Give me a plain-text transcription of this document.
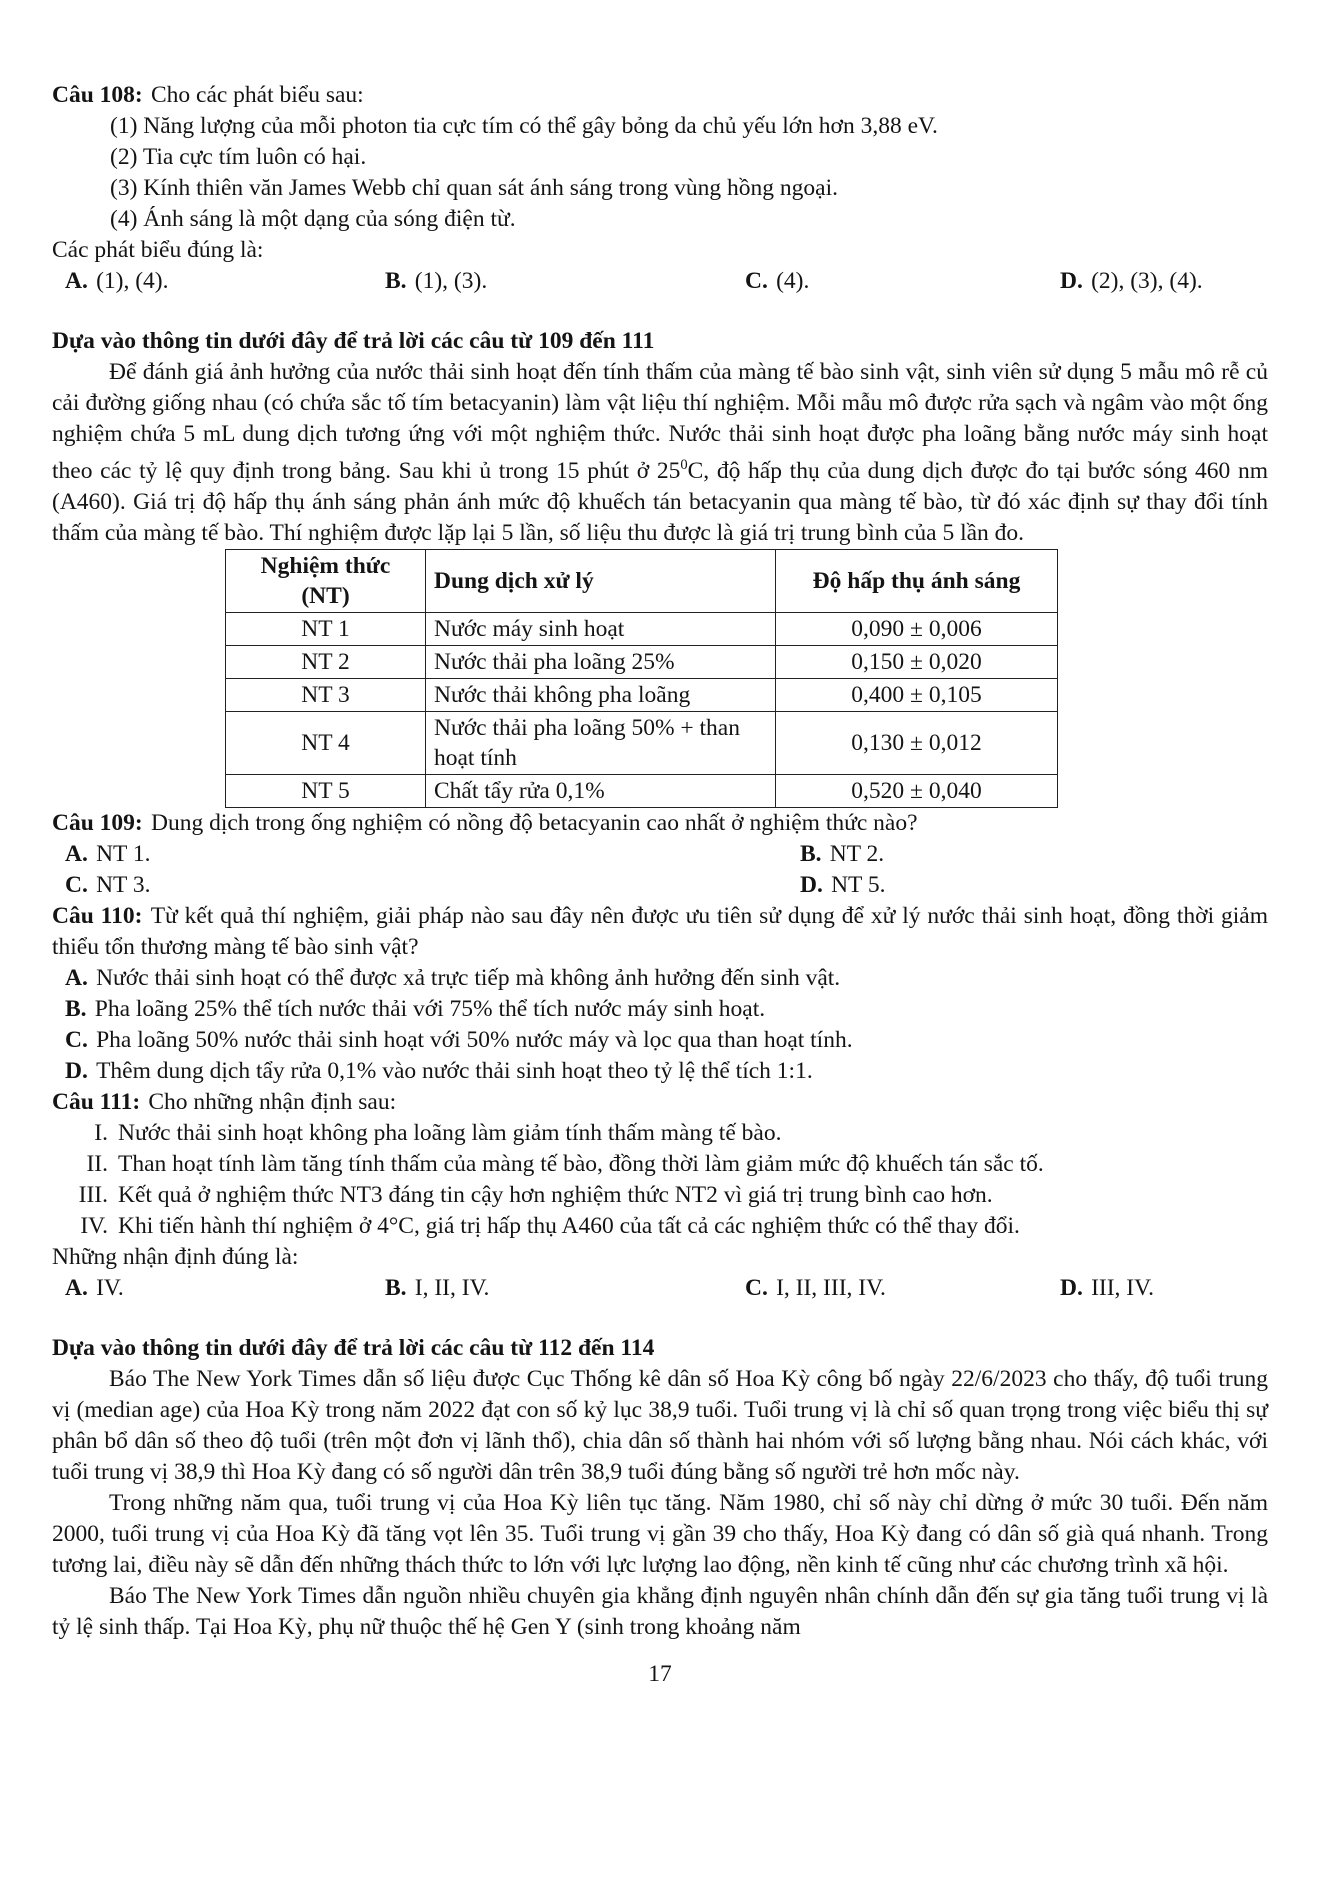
Câu 108: Cho các phát biểu sau:
(1) Năng lượng của mỗi photon tia cực tím có thể gây bỏng da chủ yếu lớn hơn 3,88 eV.
(2) Tia cực tím luôn có hại.
(3) Kính thiên văn James Webb chỉ quan sát ánh sáng trong vùng hồng ngoại.
(4) Ánh sáng là một dạng của sóng điện từ.
Các phát biểu đúng là:
A. (1), (4).	B. (1), (3).	C. (4).	D. (2), (3), (4).
Dựa vào thông tin dưới đây để trả lời các câu từ 109 đến 111
Để đánh giá ảnh hưởng của nước thải sinh hoạt đến tính thấm của màng tế bào sinh vật, sinh viên sử dụng 5 mẫu mô rễ củ cải đường giống nhau (có chứa sắc tố tím betacyanin) làm vật liệu thí nghiệm. Mỗi mẫu mô được rửa sạch và ngâm vào một ống nghiệm chứa 5 mL dung dịch tương ứng với một nghiệm thức. Nước thải sinh hoạt được pha loãng bằng nước máy sinh hoạt theo các tỷ lệ quy định trong bảng. Sau khi ủ trong 15 phút ở $25^0C$, độ hấp thụ của dung dịch được đo tại bước sóng 460 nm (A460). Giá trị độ hấp thụ ánh sáng phản ánh mức độ khuếch tán betacyanin qua màng tế bào, từ đó xác định sự thay đổi tính thấm của màng tế bào. Thí nghiệm được lặp lại 5 lần, số liệu thu được là giá trị trung bình của 5 lần đo.
Nghiệm thức (NT)	Dung dịch xử lý	Độ hấp thụ ánh sáng
NT 1	Nước máy sinh hoạt	0,090 ± 0,006
NT 2	Nước thải pha loãng 25%	0,150 ± 0,020
NT 3	Nước thải không pha loãng	0,400 ± 0,105
NT 4	Nước thải pha loãng 50% + than hoạt tính	0,130 ± 0,012
NT 5	Chất tẩy rửa 0,1%	0,520 ± 0,040
Câu 109: Dung dịch trong ống nghiệm có nồng độ betacyanin cao nhất ở nghiệm thức nào?
A. NT 1.	B. NT 2.
C. NT 3.	D. NT 5.
Câu 110: Từ kết quả thí nghiệm, giải pháp nào sau đây nên được ưu tiên sử dụng để xử lý nước thải sinh hoạt, đồng thời giảm thiểu tổn thương màng tế bào sinh vật?
A. Nước thải sinh hoạt có thể được xả trực tiếp mà không ảnh hưởng đến sinh vật.
B. Pha loãng 25% thể tích nước thải với 75% thể tích nước máy sinh hoạt.
C. Pha loãng 50% nước thải sinh hoạt với 50% nước máy và lọc qua than hoạt tính.
D. Thêm dung dịch tẩy rửa 0,1% vào nước thải sinh hoạt theo tỷ lệ thể tích 1:1.
Câu 111: Cho những nhận định sau:
I. Nước thải sinh hoạt không pha loãng làm giảm tính thấm màng tế bào.
II. Than hoạt tính làm tăng tính thấm của màng tế bào, đồng thời làm giảm mức độ khuếch tán sắc tố.
III. Kết quả ở nghiệm thức NT3 đáng tin cậy hơn nghiệm thức NT2 vì giá trị trung bình cao hơn.
IV. Khi tiến hành thí nghiệm ở 4°C, giá trị hấp thụ A460 của tất cả các nghiệm thức có thể thay đổi.
Những nhận định đúng là:
A. IV.	B. I, II, IV.	C. I, II, III, IV.	D. III, IV.
Dựa vào thông tin dưới đây để trả lời các câu từ 112 đến 114
Báo The New York Times dẫn số liệu được Cục Thống kê dân số Hoa Kỳ công bố ngày 22/6/2023 cho thấy, độ tuổi trung vị (median age) của Hoa Kỳ trong năm 2022 đạt con số kỷ lục 38,9 tuổi. Tuổi trung vị là chỉ số quan trọng trong việc biểu thị sự phân bổ dân số theo độ tuổi (trên một đơn vị lãnh thổ), chia dân số thành hai nhóm với số lượng bằng nhau. Nói cách khác, với tuổi trung vị 38,9 thì Hoa Kỳ đang có số người dân trên 38,9 tuổi đúng bằng số người trẻ hơn mốc này.
Trong những năm qua, tuổi trung vị của Hoa Kỳ liên tục tăng. Năm 1980, chỉ số này chỉ dừng ở mức 30 tuổi. Đến năm 2000, tuổi trung vị của Hoa Kỳ đã tăng vọt lên 35. Tuổi trung vị gần 39 cho thấy, Hoa Kỳ đang có dân số già quá nhanh. Trong tương lai, điều này sẽ dẫn đến những thách thức to lớn với lực lượng lao động, nền kinh tế cũng như các chương trình xã hội.
Báo The New York Times dẫn nguồn nhiều chuyên gia khẳng định nguyên nhân chính dẫn đến sự gia tăng tuổi trung vị là tỷ lệ sinh thấp. Tại Hoa Kỳ, phụ nữ thuộc thế hệ Gen Y (sinh trong khoảng năm
17
